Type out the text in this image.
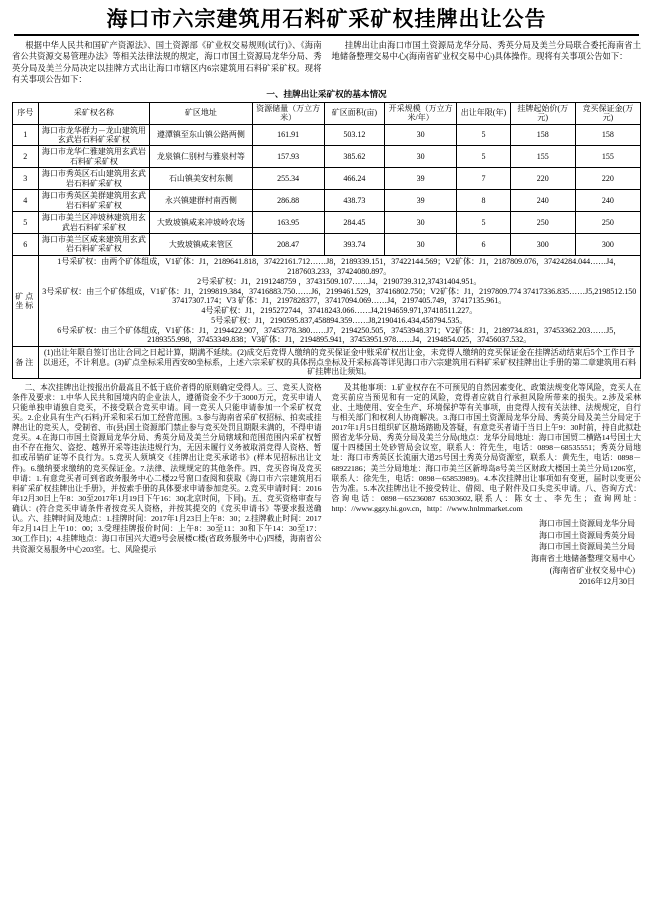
海口市六宗建筑用石料矿采矿权挂牌出让公告
根据中华人民共和国矿产资源法》、国土资源部《矿业权交易规则(试行)》、《海南省公共资源交易管理办法》等相关法律法规的规定，海口市国土资源局龙华分局、秀英分局及美兰分局决定以挂牌方式出让海口市辖区内6宗建筑用石料矿采矿权。现将有关事项公告如下：
挂牌出让由海口市国土资源局龙华分局、秀英分局及美兰分局联合委托海南省土地储备整理交易中心(海南省矿业权交易中心)具体操作。现将有关事项公告如下：
一、挂牌出让采矿权的基本情况
序号	采矿权名称	矿区地址	资源储量（万立方米）	矿区面积(亩)	开采规模（万立方米/年）	出让年限(年)	挂牌起始价(万元)	竞买保证金(万元)
1	海口市龙华群力－龙山建筑用玄武岩石料矿采矿权	遵潭镇至东山镇公路两侧	161.91	503.12	30	5	158	158
2	海口市龙华仁雅建筑用玄武岩石料矿采矿权	龙泉镇仁别村与雅泉村等	157.93	385.62	30	5	155	155
3	海口市秀英区石山建筑用玄武岩石料矿采矿权	石山镇美安村东侧	255.34	466.24	39	7	220	220
4	海口市秀英区美群建筑用玄武岩石料矿采矿权	永兴镇建群村南西侧	286.88	438.73	39	8	240	240
5	海口市美兰区冲坡林建筑用玄武岩石料矿采矿权	大致坡镇咸来冲坡岭农场	163.95	284.45	30	5	250	250
6	海口市美兰区咸来建筑用玄武岩石料矿采矿权	大致坡镇咸来管区	208.47	393.74	30	6	300	300
矿点坐标	
1号采矿权：由两个矿体组成，V1矿体：J1，2189641.818，37422161.712……J8，2189339.151，37422144.569；V2矿体：J1，2187809.076，37424284.044……J4，2187603.233，37424080.897。
2号采矿权：J1，2191248759 ，37431509.107……J4，2190739.312,37431404.951。
3号采矿权：由三个矿体组成，V1矿体：J1，2199819.384，37416883.750……J6，2199461.529，37416802.750；V2矿体：J1，2197809.774 37417336.835……J5,2198512.150 37417307.174；V3 矿体：J1，2197828377，37417094.069……J4，2197405.749，37417135.961。
4号采矿权：J1，2195272744，37418243.066……J4,2194659.971,37418511.227。
5号采矿权：J1，2190595.837,458894.359……J8,2190416.434,458794.535。
6号采矿权：由三个矿体组成，V1矿体：J1，2194422.907，37453778.380……J7，2194250.505，37453948.371；V2矿体：J1，2189734.831，37453362.203……J5，2189355.998，37453349.838；V3矿体：J1，2194895.941，37453951.978……J4，2194854.025，37456037.532。

备注	(1)出让年限自签订出让合同之日起计算，期满不延续。(2)成交后竞得人缴纳的竞买保证金中账采矿权出让金，未竞得人缴纳的竞买保证金在挂牌活动结束后5个工作日予以退还，不计利息。(3)矿点坐标采用西安80坐标系，上述六宗采矿权的具体拐点坐标及开采标高等详见海口市六宗建筑用石料矿采矿权挂牌出让手册的第二章建筑用石料矿挂牌出让须知。							

二、本次挂牌出让按报出价最高且不低于底价者得的原则确定受得人。三、竞买人资格条件及要求：1.中华人民共和国境内的企业法人，遵循资金不少于3000万元，竞买申请人只能单独申请独自竞买，不接受联合竞买申请。同一竞买人只能申请参加一个采矿权竞买。2.企业具有生产(石料)开采和采石加工经营范围。3.参与海南省采矿权招标、拍卖或挂牌出让的竞买人，受制省、市(县)国土资源部门禁止参与竞买处罚且期限未满的，不得申请竞买。4.在海口市国土资源局龙华分局、秀英分局及美兰分局辖域和范围范围内采矿权暂由不存在拖欠、盗挖、越界开采等违法违规行为，无因未履行义务被取消竞得人资格、暂扣或吊销矿证等不良行为。5.竞买人须填交《挂牌出让竞买承诺书》(样本见招标出让文件)。6.缴纳要求缴纳的竞买保证金。7.法律、法规规定的其他条件。四、竞买咨询及竞买申请：1.有意竞买者可到省政务服务中心二楼22号窗口查阅和获取《海口市六宗建筑用石料矿采矿权挂牌出让手册》，并按索手册的具体要求申请参加竞买。2.竞买申请时间：2016年12月30日上午8：30至2017年1月19日下午16：30(北京时间，下同)。五、竞买资格审查与确认：(符合竞买申请条件者按竞买人资格，并按其提交的《竞买申请书》等要求报送确认。六、挂牌时间及地点：1.挂牌时间：2017年1月23日上午8：30；2.挂牌截止时间：2017年2月14日上午10：00；3.受理挂牌报价时间：上午8：30至11：30和下午14：30至17：30(工作日)；4.挂牌地点：海口市国兴大道9号会展楼C楼(省政务服务中心)四楼，海南省公共资源交易服务中心203室。七、风险提示

及其他事项：1.矿业权存在不可预见的自然因素变化、政策法规变化等风险，竞买人在竞买前应当预见和有一定的风险，竞得者应就自行承担风险所带来的损失。2.涉及采林业、土地使用、安全生产、环境保护等有关事项，由竞得人按有关法律、法规规定，自行与相关部门和权利人协商解决。3.海口市国土资源局龙华分局、秀英分局及美兰分局定于2017年1月5日组织矿区勘场踏勘及答疑，有意竞买者请于当日上午9：30时前，持自此拟赴照省龙华分局、秀英分局及美兰分局(地点：龙华分局地址：海口市国贸二横路14号国土大厦十四楼国土处砂管局会议室，联系人：符先生，电话：0898－68535551；秀英分局地址：海口市秀英区长流丽大道25号国土秀英分局资源室，联系人：黄先生，电话：0898－68922186；美兰分局地址：海口市美兰区新埠岛8号美兰区财政大楼国土美兰分局1206室，联系人：徐先生，电话：0898－65853989)。4.本次挂牌出让事项如有变更，届时以变更公告为准。5.本次挂牌出让不接受转让、借阅、电子附件及口头竞买申请。八、咨询方式：咨询电话：0898－65236087 65303602,联系人：陈女士、李先生；查询网址：http：//www.ggzy.hi.gov.cn，http：//www.hnlmmarket.com

海口市国土资源局龙华分局
海口市国土资源局秀英分局
海口市国土资源局美兰分局
海南省土地储备整理交易中心
(海南省矿业权交易中心)
2016年12月30日
